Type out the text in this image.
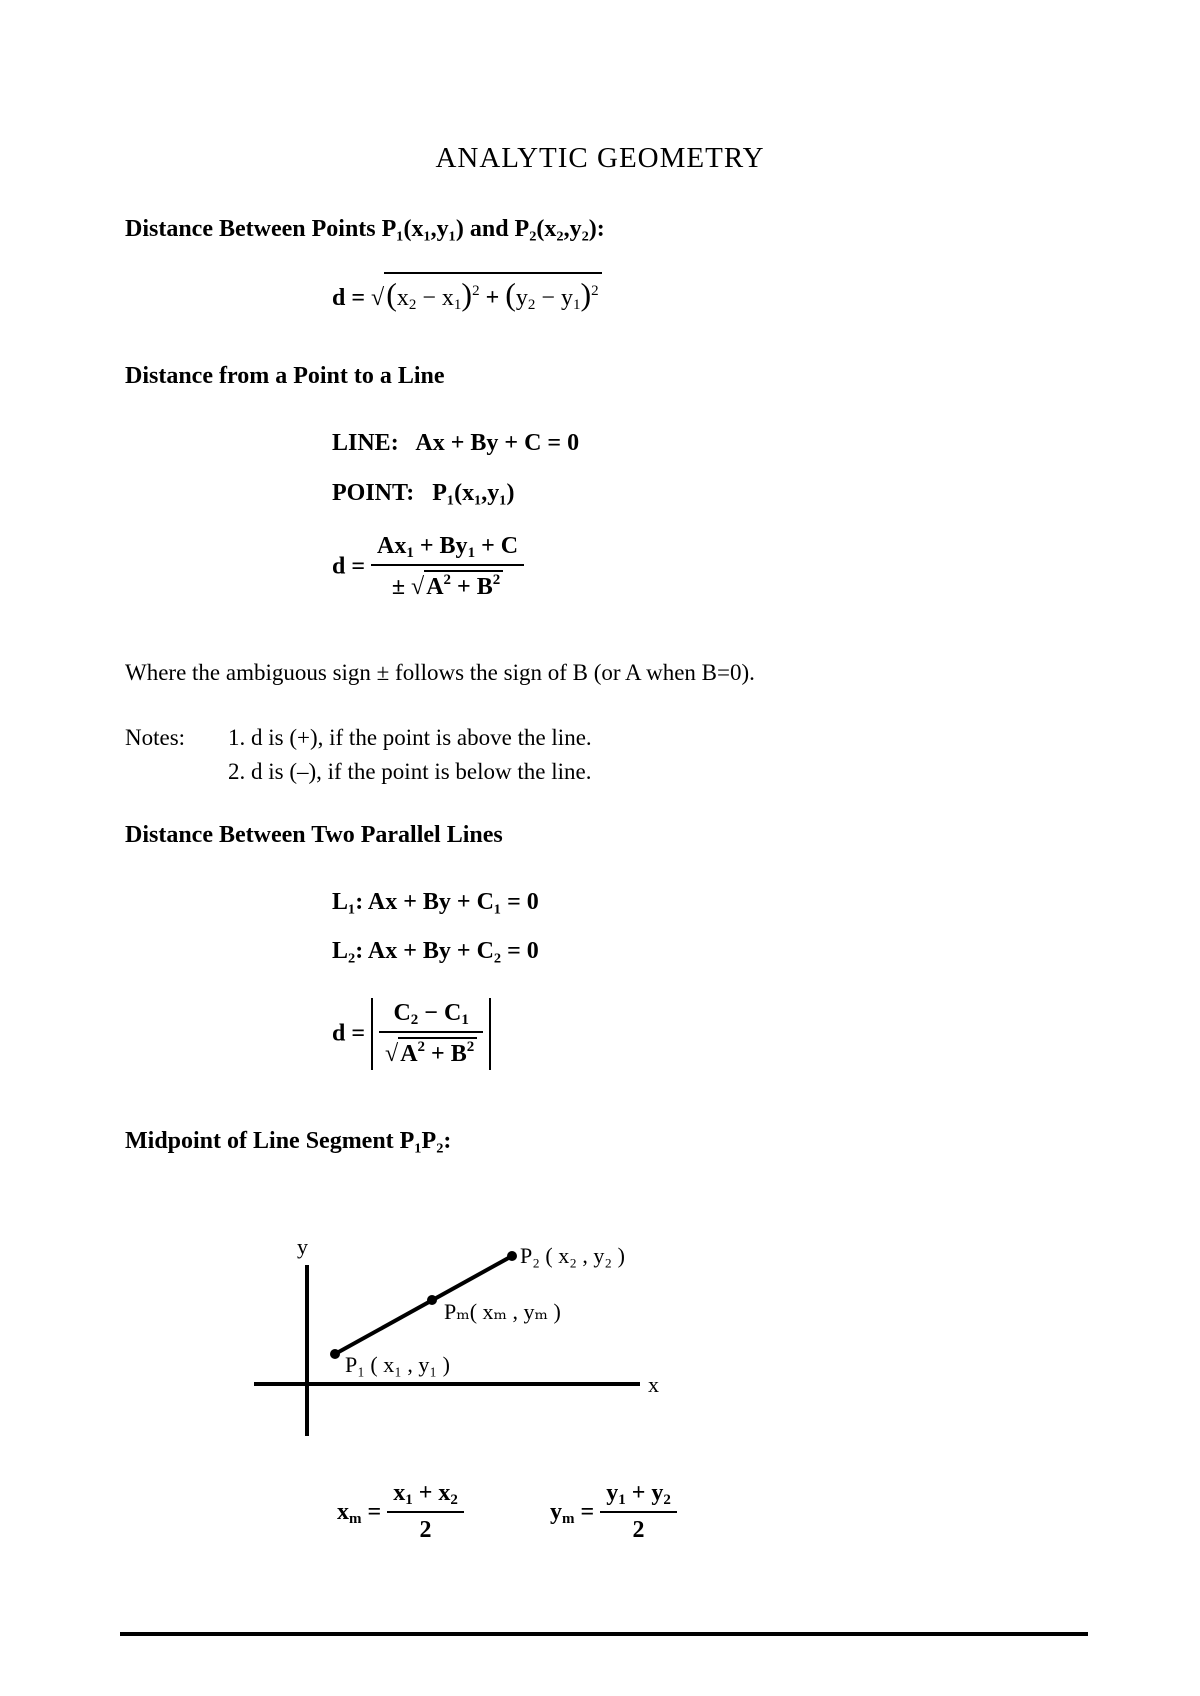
ANALYTIC GEOMETRY
Distance Between Points P₁(x₁,y₁) and P₂(x₂,y₂):
$d = √(x_2 - x_1)^2 + (y_2 - y_1)^2$
Distance from a Point to a Line
LINE: Ax + By + C = 0
POINT: P₁(x₁,y₁)
$d = \frac{Ax_1 + By_1 + C}{\pm √A^2 + B^2}$
Where the ambiguous sign ± follows the sign of B (or A when B=0).
Notes: 1. d is (+), if the point is above the line.
2. d is (–), if the point is below the line.
Distance Between Two Parallel Lines
L₁: Ax + By + C₁ = 0
L₂: Ax + By + C₂ = 0
$d = \frac{C_2 - C_1}{√A^2 + B^2}$
Midpoint of Line Segment P₁P₂:
y
x
P₂ ( x₂ , y₂ )
Pₘ( xₘ , yₘ )
P₁ ( x₁ , y₁ )
$x_m = \frac{x_1 + x_2}{2}$	$y_m = \frac{y_1 + y_2}{2}$
